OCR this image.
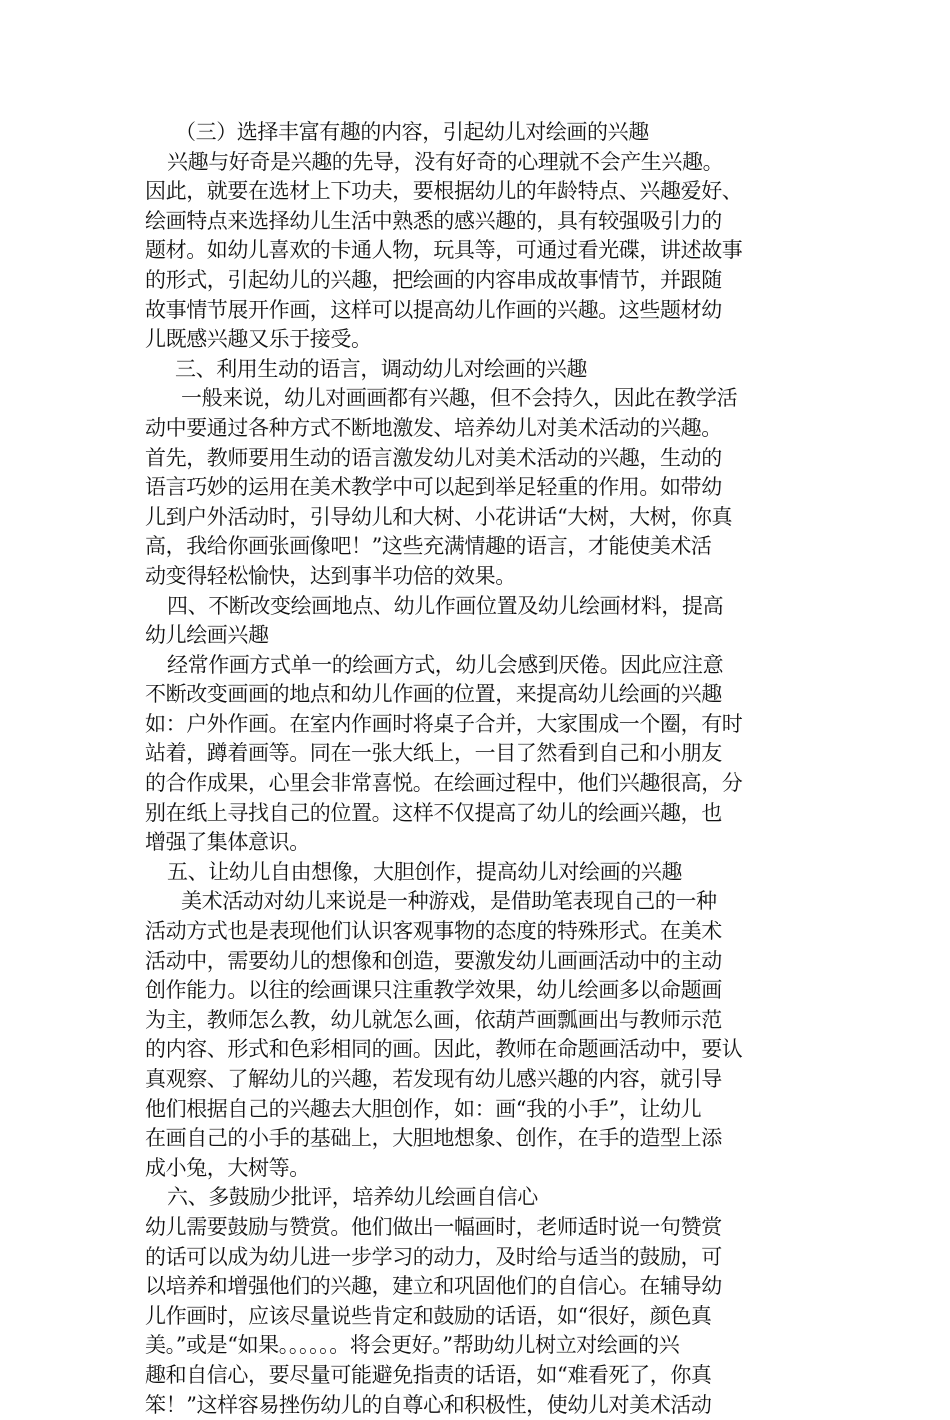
（三）选择丰富有趣的内容，引起幼儿对绘画的兴趣
兴趣与好奇是兴趣的先导，没有好奇的心理就不会产生兴趣。
因此，就要在选材上下功夫，要根据幼儿的年龄特点、兴趣爱好、
绘画特点来选择幼儿生活中熟悉的感兴趣的，具有较强吸引力的
题材。如幼儿喜欢的卡通人物，玩具等，可通过看光碟，讲述故事
的形式，引起幼儿的兴趣，把绘画的内容串成故事情节，并跟随
故事情节展开作画，这样可以提高幼儿作画的兴趣。这些题材幼
儿既感兴趣又乐于接受。
三、利用生动的语言，调动幼儿对绘画的兴趣
一般来说，幼儿对画画都有兴趣，但不会持久，因此在教学活
动中要通过各种方式不断地激发、培养幼儿对美术活动的兴趣。
首先，教师要用生动的语言激发幼儿对美术活动的兴趣，生动的
语言巧妙的运用在美术教学中可以起到举足轻重的作用。如带幼
儿到户外活动时，引导幼儿和大树、小花讲话“大树，大树，你真
高，我给你画张画像吧！”这些充满情趣的语言，才能使美术活
动变得轻松愉快，达到事半功倍的效果。
四、不断改变绘画地点、幼儿作画位置及幼儿绘画材料，提高
幼儿绘画兴趣
经常作画方式单一的绘画方式，幼儿会感到厌倦。因此应注意
不断改变画画的地点和幼儿作画的位置，来提高幼儿绘画的兴趣
如：户外作画。在室内作画时将桌子合并，大家围成一个圈，有时
站着，蹲着画等。同在一张大纸上，一目了然看到自己和小朋友
的合作成果，心里会非常喜悦。在绘画过程中，他们兴趣很高，分
别在纸上寻找自己的位置。这样不仅提高了幼儿的绘画兴趣，也
增强了集体意识。
五、让幼儿自由想像，大胆创作，提高幼儿对绘画的兴趣
美术活动对幼儿来说是一种游戏，是借助笔表现自己的一种
活动方式也是表现他们认识客观事物的态度的特殊形式。在美术
活动中，需要幼儿的想像和创造，要激发幼儿画画活动中的主动
创作能力。以往的绘画课只注重教学效果，幼儿绘画多以命题画
为主，教师怎么教，幼儿就怎么画，依葫芦画瓢画出与教师示范
的内容、形式和色彩相同的画。因此，教师在命题画活动中，要认
真观察、了解幼儿的兴趣，若发现有幼儿感兴趣的内容，就引导
他们根据自己的兴趣去大胆创作，如：画“我的小手”，让幼儿
在画自己的小手的基础上，大胆地想象、创作，在手的造型上添
成小兔，大树等。
六、多鼓励少批评，培养幼儿绘画自信心
幼儿需要鼓励与赞赏。他们做出一幅画时，老师适时说一句赞赏
的话可以成为幼儿进一步学习的动力，及时给与适当的鼓励，可
以培养和增强他们的兴趣，建立和巩固他们的自信心。在辅导幼
儿作画时，应该尽量说些肯定和鼓励的话语，如“很好，颜色真
美。”或是“如果。。。。。。将会更好。”帮助幼儿树立对绘画的兴
趣和自信心，要尽量可能避免指责的话语，如“难看死了，你真
笨！”这样容易挫伤幼儿的自尊心和积极性，使幼儿对美术活动
